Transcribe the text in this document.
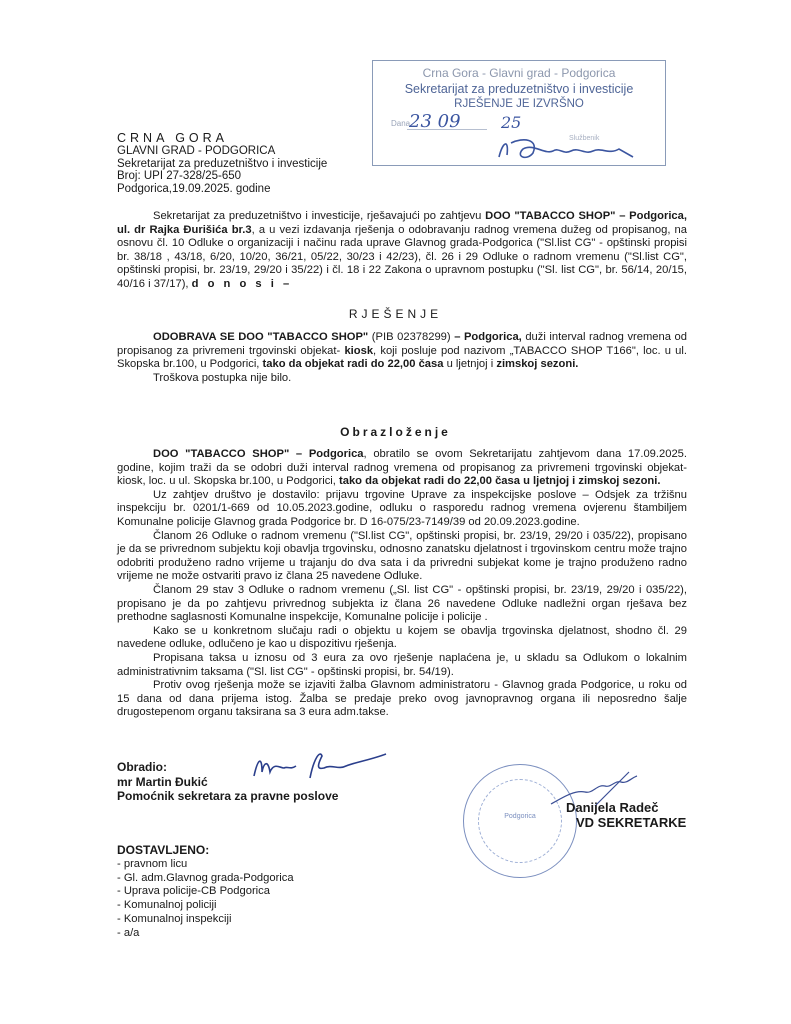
Crna Gora - Glavni grad - Podgorica
Sekretarijat za preduzetništvo i investicije
RJEŠENJE JE IZVRŠNO
Dana
23 09	25
Službenik
CRNA GORA
GLAVNI GRAD - PODGORICA
Sekretarijat za preduzetništvo i investicije
Broj: UPI 27-328/25-650
Podgorica,19.09.2025. godine

Sekretarijat za preduzetništvo i investicije, rješavajući po zahtjevu DOO "TABACCO SHOP" – Podgorica, ul. dr Rajka Đurišića br.3, a u vezi izdavanja rješenja o odobravanju radnog vremena dužeg od propisanog, na osnovu čl. 10 Odluke o organizaciji i načinu rada uprave Glavnog grada-Podgorica ("Sl.list CG" - opštinski propisi br. 38/18 , 43/18, 6/20, 10/20, 36/21, 05/22, 30/23 i 42/23), čl. 26 i 29 Odluke o radnom vremenu ("Sl.list CG", opštinski propisi, br. 23/19, 29/20 i 35/22) i čl. 18 i 22 Zakona o upravnom postupku ("Sl. list CG", br. 56/14, 20/15, 40/16 i 37/17), d o n o s i –

RJEŠENJE

ODOBRAVA SE DOO "TABACCO SHOP" (PIB 02378299) – Podgorica, duži interval radnog vremena od propisanog za privremeni trgovinski objekat- kiosk, koji posluje pod nazivom „TABACCO SHOP T166", loc. u ul. Skopska br.100, u Podgorici, tako da objekat radi do 22,00 časa u ljetnjoj i zimskoj sezoni.

Troškova postupka nije bilo.

Obrazloženje

DOO "TABACCO SHOP" – Podgorica, obratilo se ovom Sekretarijatu zahtjevom dana 17.09.2025. godine, kojim traži da se odobri duži interval radnog vremena od propisanog za privremeni trgovinski objekat- kiosk, loc. u ul. Skopska br.100, u Podgorici, tako da objekat radi do 22,00 časa u ljetnjoj i zimskoj sezoni.

Uz zahtjev društvo je dostavilo: prijavu trgovine Uprave za inspekcijske poslove – Odsjek za tržišnu inspekciju br. 0201/1-669 od 10.05.2023.godine, odluku o rasporedu radnog vremena ovjerenu štambiljem Komunalne policije Glavnog grada Podgorice br. D 16-075/23-7149/39 od 20.09.2023.godine.

Članom 26 Odluke o radnom vremenu ("Sl.list CG", opštinski propisi, br. 23/19, 29/20 i 035/22), propisano je da se privrednom subjektu koji obavlja trgovinsku, odnosno zanatsku djelatnost i trgovinskom centru može trajno odobriti produženo radno vrijeme u trajanju do dva sata i da privredni subjekat kome je trajno produženo radno vrijeme ne može ostvariti pravo iz člana 25 navedene Odluke.

Članom 29 stav 3 Odluke o radnom vremenu („Sl. list CG" - opštinski propisi, br. 23/19, 29/20 i 035/22), propisano je da po zahtjevu privrednog subjekta iz člana 26 navedene Odluke nadležni organ rješava bez prethodne saglasnosti Komunalne inspekcije, Komunalne policije i policije .

Kako se u konkretnom slučaju radi o objektu u kojem se obavlja trgovinska djelatnost, shodno čl. 29 navedene odluke, odlučeno je kao u dispozitivu rješenja.

Propisana taksa u iznosu od 3 eura za ovo rješenje naplaćena je, u skladu sa Odlukom o lokalnim administrativnim taksama ("Sl. list CG" - opštinski propisi, br. 54/19).

Protiv ovog rješenja može se izjaviti žalba Glavnom administratoru - Glavnog grada Podgorice, u roku od 15 dana od dana prijema istog. Žalba se predaje preko ovog javnopravnog organa ili neposredno šalje drugostepenom organu taksirana sa 3 eura adm.takse.

Obradio:
mr Martin Đukić
Pomoćnik sekretara za pravne poslove
Podgorica
Danijela Radeč
VD SEKRETARKE
DOSTAVLJENO:
- pravnom licu
- Gl. adm.Glavnog grada-Podgorica
- Uprava policije-CB Podgorica
- Komunalnoj policiji
- Komunalnoj inspekciji
- a/a
